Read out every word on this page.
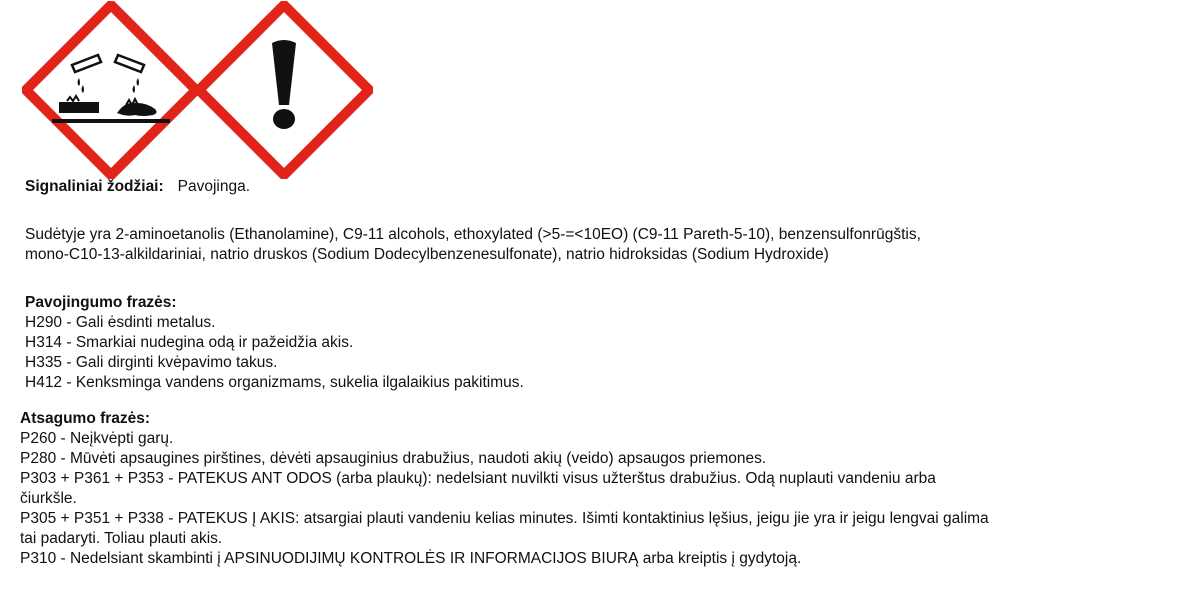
Signaliniai žodžiai: Pavojinga.
Sudėtyje yra 2-aminoetanolis (Ethanolamine), C9-11 alcohols, ethoxylated (>5-=<10EO) (C9-11 Pareth-5-10), benzensulfonrūgštis,
mono-C10-13-alkildariniai, natrio druskos (Sodium Dodecylbenzenesulfonate), natrio hidroksidas (Sodium Hydroxide)
Pavojingumo frazės:
H290 - Gali ėsdinti metalus.
H314 - Smarkiai nudegina odą ir pažeidžia akis.
H335 - Gali dirginti kvėpavimo takus.
H412 - Kenksminga vandens organizmams, sukelia ilgalaikius pakitimus.
Atsagumo frazės:
P260 - Neįkvėpti garų.
P280 - Mūvėti apsaugines pirštines, dėvėti apsauginius drabužius, naudoti akių (veido) apsaugos priemones.
P303 + P361 + P353 - PATEKUS ANT ODOS (arba plaukų): nedelsiant nuvilkti visus užterštus drabužius. Odą nuplauti vandeniu arba
čiurkšle.
P305 + P351 + P338 - PATEKUS Į AKIS: atsargiai plauti vandeniu kelias minutes. Išimti kontaktinius lęšius, jeigu jie yra ir jeigu lengvai galima
tai padaryti. Toliau plauti akis.
P310 - Nedelsiant skambinti į APSINUODIJIMŲ KONTROLĖS IR INFORMACIJOS BIURĄ arba kreiptis į gydytoją.
